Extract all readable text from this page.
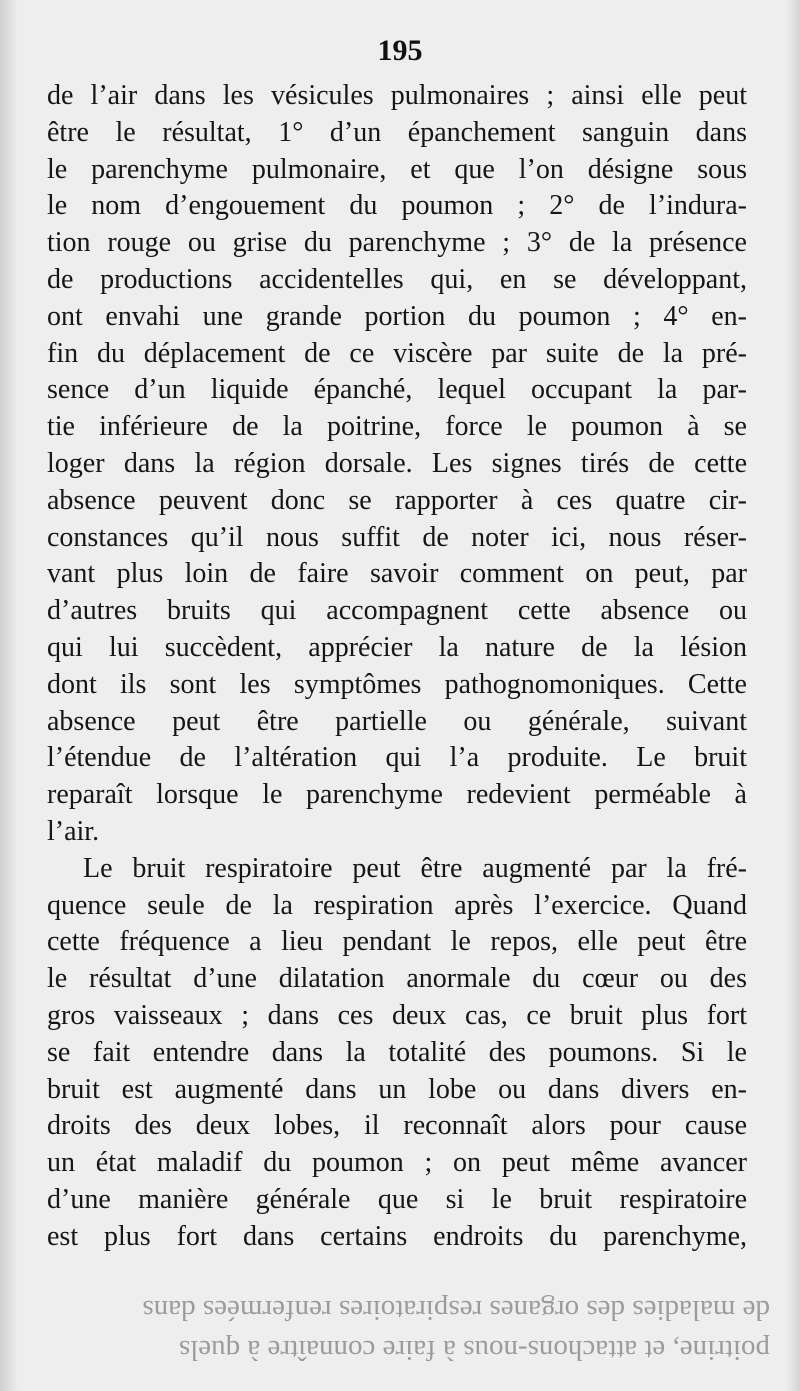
195
de l’air dans les vésicules pulmonaires ; ainsi elle peut
être le résultat, 1° d’un épanchement sanguin dans
le parenchyme pulmonaire, et que l’on désigne sous
le nom d’engouement du poumon ; 2° de l’indura-
tion rouge ou grise du parenchyme ; 3° de la présence
de productions accidentelles qui, en se développant,
ont envahi une grande portion du poumon ; 4° en-
fin du déplacement de ce viscère par suite de la pré-
sence d’un liquide épanché, lequel occupant la par-
tie inférieure de la poitrine, force le poumon à se
loger dans la région dorsale. Les signes tirés de cette
absence peuvent donc se rapporter à ces quatre cir-
constances qu’il nous suffit de noter ici, nous réser-
vant plus loin de faire savoir comment on peut, par
d’autres bruits qui accompagnent cette absence ou
qui lui succèdent, apprécier la nature de la lésion
dont ils sont les symptômes pathognomoniques. Cette
absence peut être partielle ou générale, suivant
l’étendue de l’altération qui l’a produite. Le bruit
reparaît lorsque le parenchyme redevient perméable à
l’air.
Le bruit respiratoire peut être augmenté par la fré-
quence seule de la respiration après l’exercice. Quand
cette fréquence a lieu pendant le repos, elle peut être
le résultat d’une dilatation anormale du cœur ou des
gros vaisseaux ; dans ces deux cas, ce bruit plus fort
se fait entendre dans la totalité des poumons. Si le
bruit est augmenté dans un lobe ou dans divers en-
droits des deux lobes, il reconnaît alors pour cause
un état maladif du poumon ; on peut même avancer
d’une manière générale que si le bruit respiratoire
est plus fort dans certains endroits du parenchyme,
poitrine, et attachons-nous à faire connaître à quels
de maladies des organes respiratoires renfermées dans
